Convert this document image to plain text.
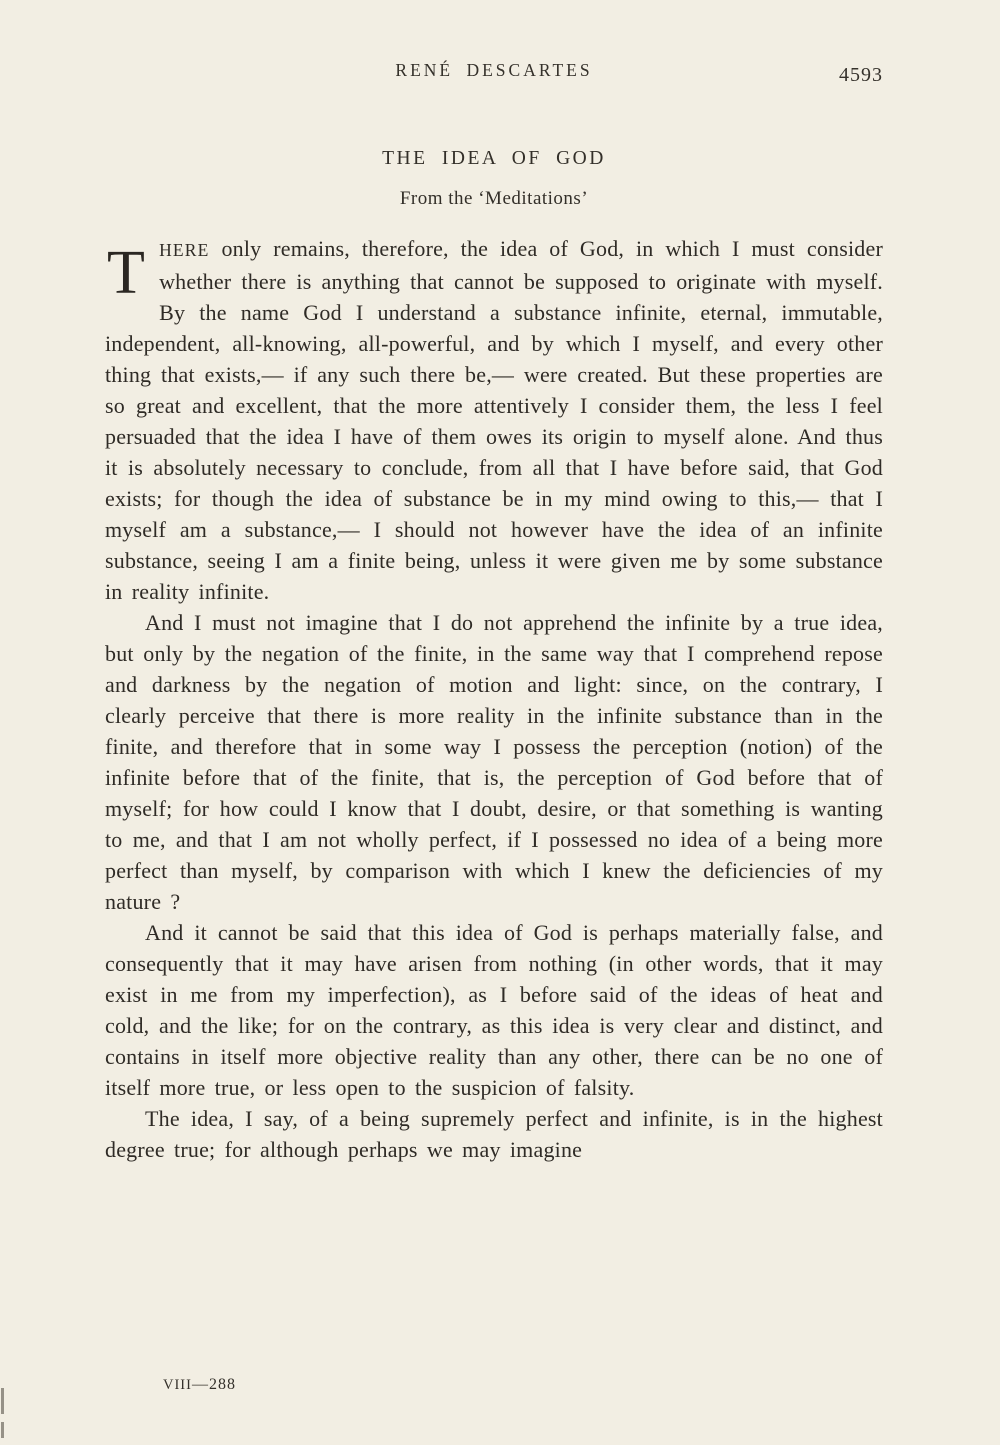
RENÉ DESCARTES	4593
THE IDEA OF GOD
From the ‘Meditations’

THERE only remains, therefore, the idea of God, in which I must consider whether there is anything that cannot be supposed to originate with myself. By the name God I understand a substance infinite, eternal, immutable, independent, all-knowing, all-powerful, and by which I myself, and every other thing that exists,— if any such there be,— were created. But these properties are so great and excellent, that the more attentively I consider them, the less I feel persuaded that the idea I have of them owes its origin to myself alone. And thus it is absolutely necessary to conclude, from all that I have before said, that God exists; for though the idea of substance be in my mind owing to this,— that I myself am a substance,— I should not however have the idea of an infinite substance, seeing I am a finite being, unless it were given me by some substance in reality infinite.

And I must not imagine that I do not apprehend the infinite by a true idea, but only by the negation of the finite, in the same way that I comprehend repose and darkness by the negation of motion and light: since, on the contrary, I clearly perceive that there is more reality in the infinite substance than in the finite, and therefore that in some way I possess the perception (notion) of the infinite before that of the finite, that is, the perception of God before that of myself; for how could I know that I doubt, desire, or that something is wanting to me, and that I am not wholly perfect, if I possessed no idea of a being more perfect than myself, by comparison with which I knew the deficiencies of my nature ?

And it cannot be said that this idea of God is perhaps materially false, and consequently that it may have arisen from nothing (in other words, that it may exist in me from my imperfection), as I before said of the ideas of heat and cold, and the like; for on the contrary, as this idea is very clear and distinct, and contains in itself more objective reality than any other, there can be no one of itself more true, or less open to the suspicion of falsity.

The idea, I say, of a being supremely perfect and infinite, is in the highest degree true; for although perhaps we may imagine

VIII—288
